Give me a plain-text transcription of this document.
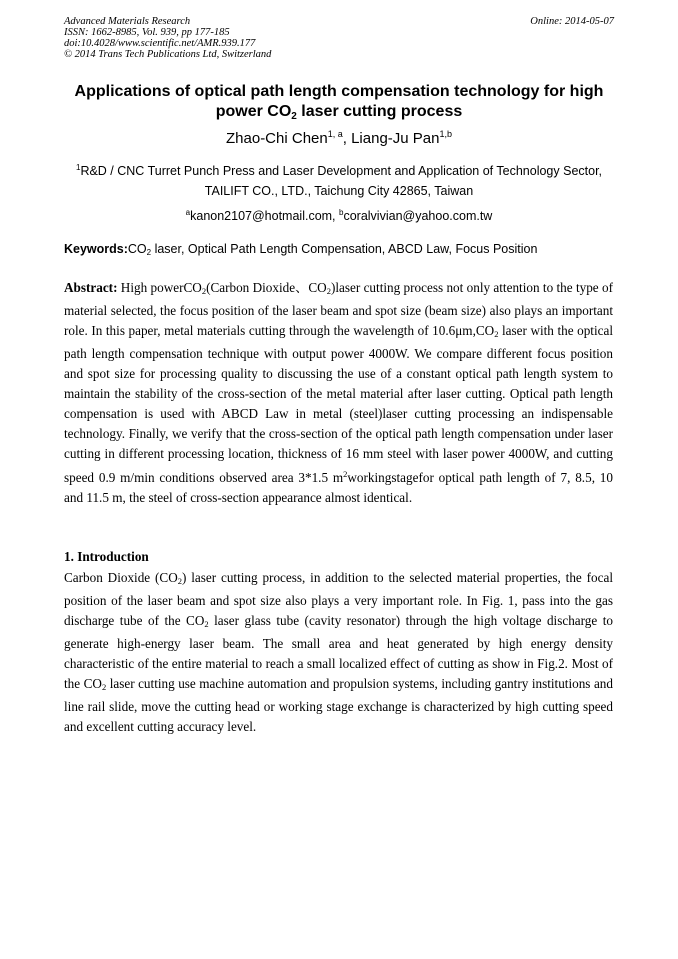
Advanced Materials Research
ISSN: 1662-8985, Vol. 939, pp 177-185
doi:10.4028/www.scientific.net/AMR.939.177
© 2014 Trans Tech Publications Ltd, Switzerland
Online: 2014-05-07
Applications of optical path length compensation technology for high power $CO_2$ laser cutting process
Zhao-Chi Chen$^{1, a}$, Liang-Ju Pan$^{1,b}$
$^1$R&D / CNC Turret Punch Press and Laser Development and Application of Technology Sector,
TAILIFT CO., LTD., Taichung City 42865, Taiwan
$^a$kanon2107@hotmail.com, $^b$coralvivian@yahoo.com.tw
$Keywords:CO_2$ laser, Optical Path Length Compensation, ABCD Law, Focus Position
Abstract: High powerCO$_2$(Carbon Dioxide、$CO_2)laser$ cutting process not only attention to the type of material selected, the focus position of the laser beam and spot size (beam size) also plays an important role. In this paper, metal materials cutting through the wavelength of $10.6\mu m,CO_2$ laser with the optical path length compensation technique with output power 4000W. We compare different focus position and spot size for processing quality to discussing the use of a constant optical path length system to maintain the stability of the cross-section of the metal material after laser cutting. Optical path length compensation is used with ABCD Law in metal (steel)laser cutting processing an indispensable technology. Finally, we verify that the cross-section of the optical path length compensation under laser cutting in different processing location, thickness of 16 mm steel with laser power 4000W, and cutting speed 0.9 m/min conditions observed area 3*1.5 $m^2workingstagefor$ optical path length of 7, 8.5, 10 and 11.5 m, the steel of cross-section appearance almost identical.
1. Introduction
Carbon Dioxide $(CO_2)$ laser cutting process, in addition to the selected material properties, the focal position of the laser beam and spot size also plays a very important role. In Fig. 1, pass into the gas discharge tube of the $CO_2$ laser glass tube (cavity resonator) through the high voltage discharge to generate high-energy laser beam. The small area and heat generated by high energy density characteristic of the entire material to reach a small localized effect of cutting as show in Fig.2. Most of the $CO_2$ laser cutting use machine automation and propulsion systems, including gantry institutions and line rail slide, move the cutting head or working stage exchange is characterized by high cutting speed and excellent cutting accuracy level.
